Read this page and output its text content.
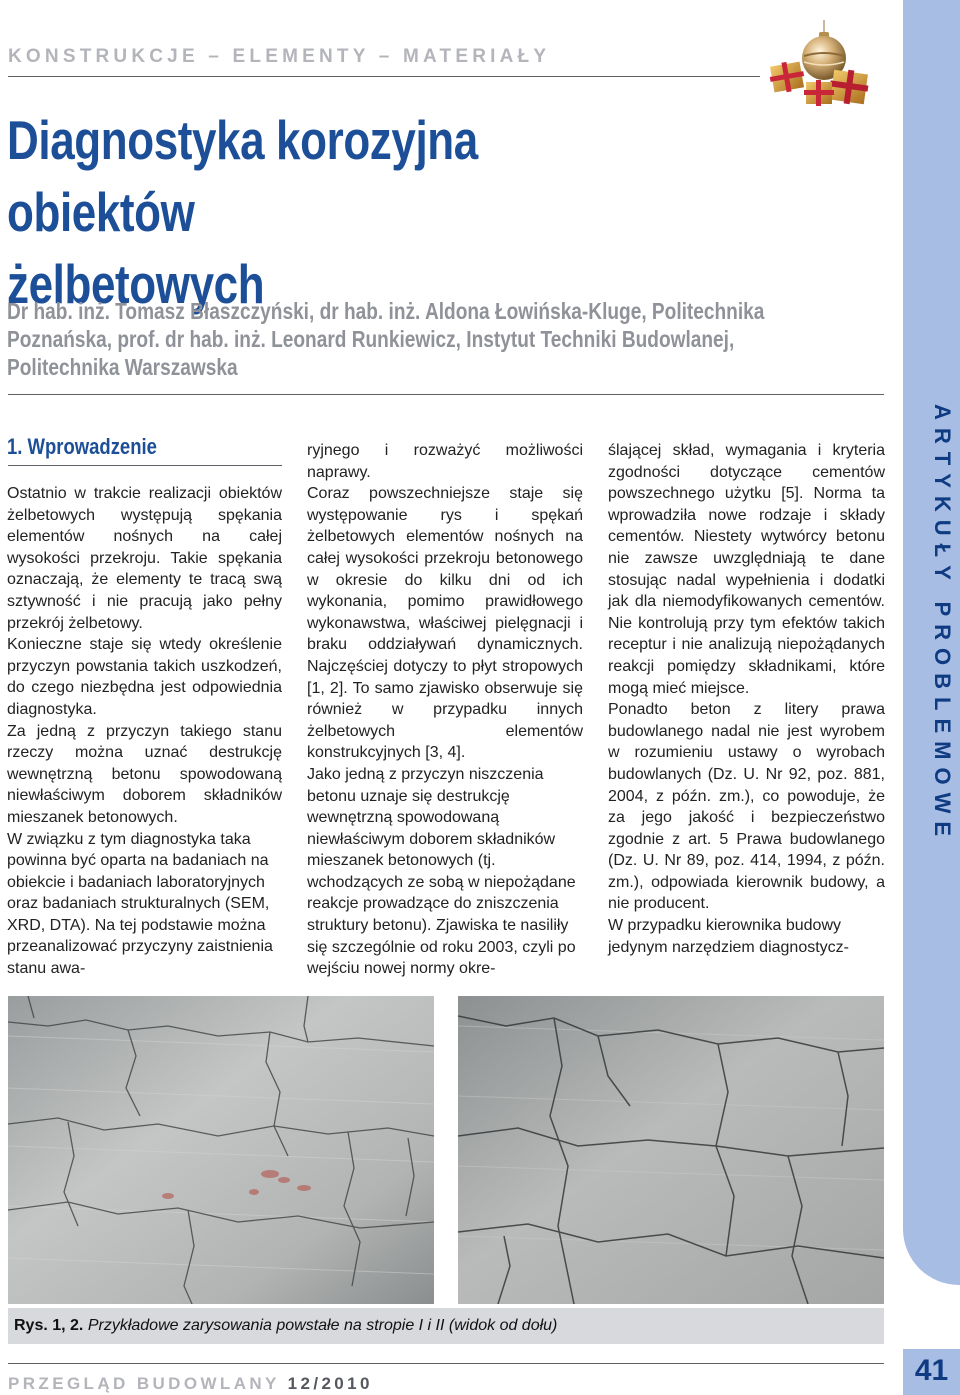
KONSTRUKCJE – ELEMENTY – MATERIAŁY
Diagnostyka korozyjna obiektów
żelbetowych
Dr hab. inż. Tomasz Błaszczyński, dr hab. inż. Aldona Łowińska-Kluge, Politechnika
Poznańska, prof. dr hab. inż. Leonard Runkiewicz, Instytut Techniki Budowlanej,
Politechnika Warszawska
1. Wprowadzenie

Ostatnio w trakcie realizacji obiektów żelbetowych występują spękania elementów nośnych na całej wysokości przekroju. Takie spękania oznaczają, że elementy te tracą swą sztywność i nie pracują jako pełny przekrój żelbetowy.

Konieczne staje się wtedy określenie przyczyn powstania takich uszkodzeń, do czego niezbędna jest odpowiednia diagnostyka.

Za jedną z przyczyn takiego stanu rzeczy można uznać destrukcję wewnętrzną betonu spowodowaną niewłaściwym doborem składników mieszanek betonowych.

W związku z tym diagnostyka taka powinna być oparta na badaniach na obiekcie i badaniach laboratoryjnych oraz badaniach strukturalnych (SEM, XRD, DTA). Na tej podstawie można przeanalizować przyczyny zaistnienia stanu awa-

ryjnego i rozważyć możliwości naprawy.

Coraz powszechniejsze staje się występowanie rys i spękań żelbetowych elementów nośnych na całej wysokości przekroju betonowego w okresie do kilku dni od ich wykonania, pomimo prawidłowego wykonawstwa, właściwej pielęgnacji i braku oddziaływań dynamicznych. Najczęściej dotyczy to płyt stropowych [1, 2]. To samo zjawisko obserwuje się również w przypadku innych żelbetowych elementów konstrukcyjnych [3, 4].

Jako jedną z przyczyn niszczenia betonu uznaje się destrukcję wewnętrzną spowodowaną niewłaściwym doborem składników mieszanek betonowych (tj. wchodzących ze sobą w niepożądane reakcje prowadzące do zniszczenia struktury betonu). Zjawiska te nasiliły się szczególnie od roku 2003, czyli po wejściu nowej normy okre-

ślającej skład, wymagania i kryteria zgodności dotyczące cementów powszechnego użytku [5]. Norma ta wprowadziła nowe rodzaje i składy cementów. Niestety wytwórcy betonu nie zawsze uwzględniają te dane stosując nadal wypełnienia i dodatki jak dla niemodyfikowanych cementów. Nie kontrolują przy tym efektów takich receptur i nie analizują niepożądanych reakcji pomiędzy składnikami, które mogą mieć miejsce.

Ponadto beton z litery prawa budowlanego nadal nie jest wyrobem w rozumieniu ustawy o wyrobach budowlanych (Dz. U. Nr 92, poz. 881, 2004, z późn. zm.), co powoduje, że za jego jakość i bezpieczeństwo zgodnie z art. 5 Prawa budowlanego (Dz. U. Nr 89, poz. 414, 1994, z późn. zm.), odpowiada kierownik budowy, a nie producent.

W przypadku kierownika budowy jedynym narzędziem diagnostycz-

Rys. 1, 2. Przykładowe zarysowania powstałe na stropie I i II (widok od dołu)
ARTYKUŁY PROBLEMOWE
PRZEGLĄD BUDOWLANY 12/2010	41
